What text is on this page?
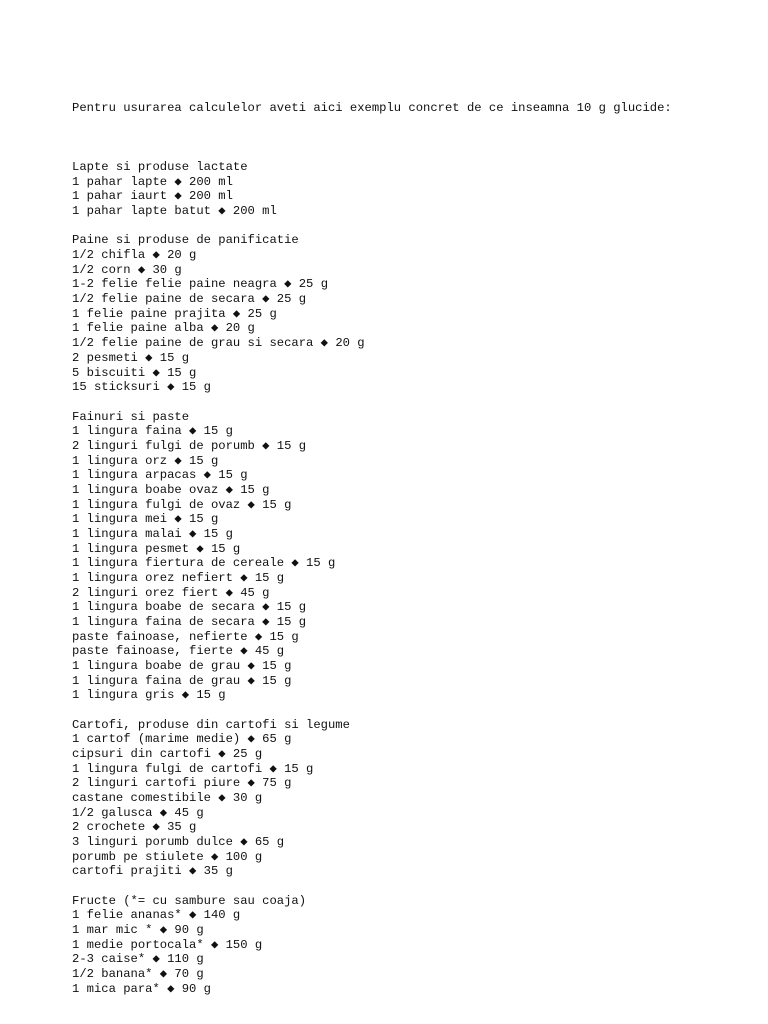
Pentru usurarea calculelor aveti aici exemplu concret de ce inseamna 10 g glucide:

Lapte si produse lactate
1 pahar lapte ◆ 200 ml
1 pahar iaurt ◆ 200 ml
1 pahar lapte batut ◆ 200 ml
Paine si produse de panificatie
1/2 chifla ◆ 20 g
1/2 corn ◆ 30 g
1-2 felie felie paine neagra ◆ 25 g
1/2 felie paine de secara ◆ 25 g
1 felie paine prajita ◆ 25 g
1 felie paine alba ◆ 20 g
1/2 felie paine de grau si secara ◆ 20 g
2 pesmeti ◆ 15 g
5 biscuiti ◆ 15 g
15 sticksuri ◆ 15 g
Fainuri si paste
1 lingura faina ◆ 15 g
2 linguri fulgi de porumb ◆ 15 g
1 lingura orz ◆ 15 g
1 lingura arpacas ◆ 15 g
1 lingura boabe ovaz ◆ 15 g
1 lingura fulgi de ovaz ◆ 15 g
1 lingura mei ◆ 15 g
1 lingura malai ◆ 15 g
1 lingura pesmet ◆ 15 g
1 lingura fiertura de cereale ◆ 15 g
1 lingura orez nefiert ◆ 15 g
2 linguri orez fiert ◆ 45 g
1 lingura boabe de secara ◆ 15 g
1 lingura faina de secara ◆ 15 g
paste fainoase, nefierte ◆ 15 g
paste fainoase, fierte ◆ 45 g
1 lingura boabe de grau ◆ 15 g
1 lingura faina de grau ◆ 15 g
1 lingura gris ◆ 15 g
Cartofi, produse din cartofi si legume
1 cartof (marime medie) ◆ 65 g
cipsuri din cartofi ◆ 25 g
1 lingura fulgi de cartofi ◆ 15 g
2 linguri cartofi piure ◆ 75 g
castane comestibile ◆ 30 g
1/2 galusca ◆ 45 g
2 crochete ◆ 35 g
3 linguri porumb dulce ◆ 65 g
porumb pe stiulete ◆ 100 g
cartofi prajiti ◆ 35 g
Fructe (*= cu sambure sau coaja)
1 felie ananas* ◆ 140 g
1 mar mic * ◆ 90 g
1 medie portocala* ◆ 150 g
2-3 caise* ◆ 110 g
1/2 banana* ◆ 70 g
1 mica para* ◆ 90 g
